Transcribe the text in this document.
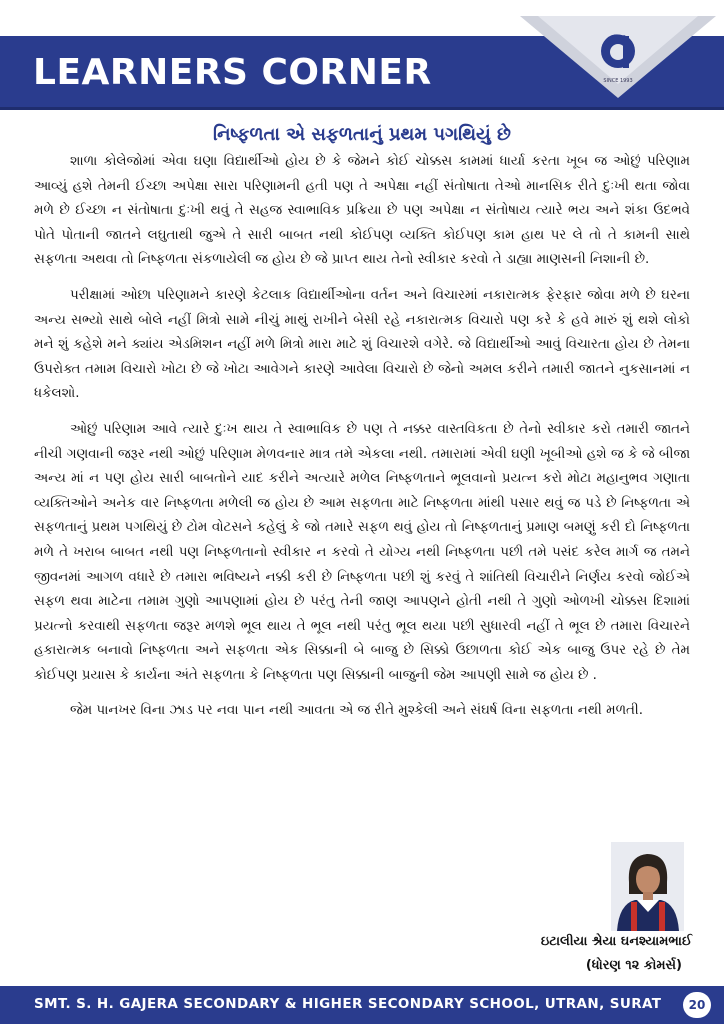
LEARNERS CORNER	SINCE 1993
નિષ્ફળતા એ સફળતાનું પ્રથમ પગથિયું છે

શાળા કોલેજોમાં એવા ઘણા વિદ્યાર્થીઓ હોય છે કે જેમને કોઈ ચોક્કસ કામમાં ધાર્યા કરતા ખૂબ જ ઓછું પરિણામ આવ્યું હશે તેમની ઈચ્છા અપેક્ષા સારા પરિણામની હતી પણ તે અપેક્ષા નહીં સંતોષાતા તેઓ માનસિક રીતે દુઃખી થતા જોવા મળે છે ઈચ્છા ન સંતોષાતા દુઃખી થવું તે સહજ સ્વાભાવિક પ્રક્રિયા છે પણ અપેક્ષા ન સંતોષાય ત્યારે ભય અને શંકા ઉદભવે પોતે પોતાની જાતને લઘુતાથી જુએ તે સારી બાબત નથી કોઈપણ વ્યક્તિ કોઈપણ કામ હાથ પર લે તો તે કામની સાથે સફળતા અથવા તો નિષ્ફળતા સંકળાયેલી જ હોય છે જે પ્રાપ્ત થાય તેનો સ્વીકાર કરવો તે ડાહ્યા માણસની નિશાની છે.

પરીક્ષામાં ઓછા પરિણામને કારણે કેટલાક વિદ્યાર્થીઓના વર્તન અને વિચારમાં નકારાત્મક ફેરફાર જોવા મળે છે ઘરના અન્ય સભ્યો સાથે બોલે નહીં મિત્રો સામે નીચું માથું રાખીને બેસી રહે નકારાત્મક વિચારો પણ કરે કે હવે મારું શું થશે લોકો મને શું કહેશે મને ક્યાંય એડમિશન નહીં મળે મિત્રો મારા માટે શું વિચારશે વગેરે. જે વિદ્યાર્થીઓ આવું વિચારતા હોય છે તેમના ઉપરોક્ત તમામ વિચારો ખોટા છે જે ખોટા આવેગને કારણે આવેલા વિચારો છે જેનો અમલ કરીને તમારી જાતને નુકસાનમાં ન ધકેલશો.

ઓછું પરિણામ આવે ત્યારે દુઃખ થાય તે સ્વાભાવિક છે પણ તે નક્કર વાસ્તવિકતા છે તેનો સ્વીકાર કરો તમારી જાતને નીચી ગણવાની જરૂર નથી ઓછું પરિણામ મેળવનાર માત્ર તમે એકલા નથી. તમારામાં એવી ઘણી ખૂબીઓ હશે જ કે જે બીજા અન્ય માં ન પણ હોય સારી બાબતોને યાદ કરીને અત્યારે મળેલ નિષ્ફળતાને ભૂલવાનો પ્રયત્ન કરો મોટા મહાનુભવ ગણાતા વ્યક્તિઓને અનેક વાર નિષ્ફળતા મળેલી જ હોય છે આમ સફળતા માટે નિષ્ફળતા માંથી પસાર થવું જ પડે છે નિષ્ફળતા એ સફળતાનું પ્રથમ પગથિયું છે ટોમ વોટસને કહેલું કે જો તમારે સફળ થવું હોય તો નિષ્ફળતાનું પ્રમાણ બમણું કરી દો નિષ્ફળતા મળે તે ખરાબ બાબત નથી પણ નિષ્ફળતાનો સ્વીકાર ન કરવો તે યોગ્ય નથી નિષ્ફળતા પછી તમે પસંદ કરેલ માર્ગ જ તમને જીવનમાં આગળ વધારે છે તમારા ભવિષ્યને નક્કી કરી છે નિષ્ફળતા પછી શું કરવું તે શાંતિથી વિચારીને નિર્ણય કરવો જોઈએ સફળ થવા માટેના તમામ ગુણો આપણામાં હોય છે પરંતુ તેની જાણ આપણને હોતી નથી તે ગુણો ઓળખી ચોક્કસ દિશામાં પ્રયત્નો કરવાથી સફળતા જરૂર મળશે ભૂલ થાય તે ભૂલ નથી પરંતુ ભૂલ થયા પછી સુધારવી નહીં તે ભૂલ છે તમારા વિચારને હકારાત્મક બનાવો નિષ્ફળતા અને સફળતા એક સિક્કાની બે બાજુ છે સિક્કો ઉછાળતા કોઈ એક બાજુ ઉપર રહે છે તેમ કોઈપણ પ્રયાસ કે કાર્યના અંતે સફળતા કે નિષ્ફળતા પણ સિક્કાની બાજુની જેમ આપણી સામે જ હોય છે .

જેમ પાનખર વિના ઝાડ પર નવા પાન નથી આવતા એ જ રીતે મુશ્કેલી અને સંઘર્ષ વિના સફળતા નથી મળતી.

ઇટાલીયા શ્રેયા ઘનશ્યામભાઈ
(ધોરણ ૧૨ કોમર્સ)
SMT. S. H. GAJERA SECONDARY & HIGHER SECONDARY SCHOOL, UTRAN, SURAT	20
